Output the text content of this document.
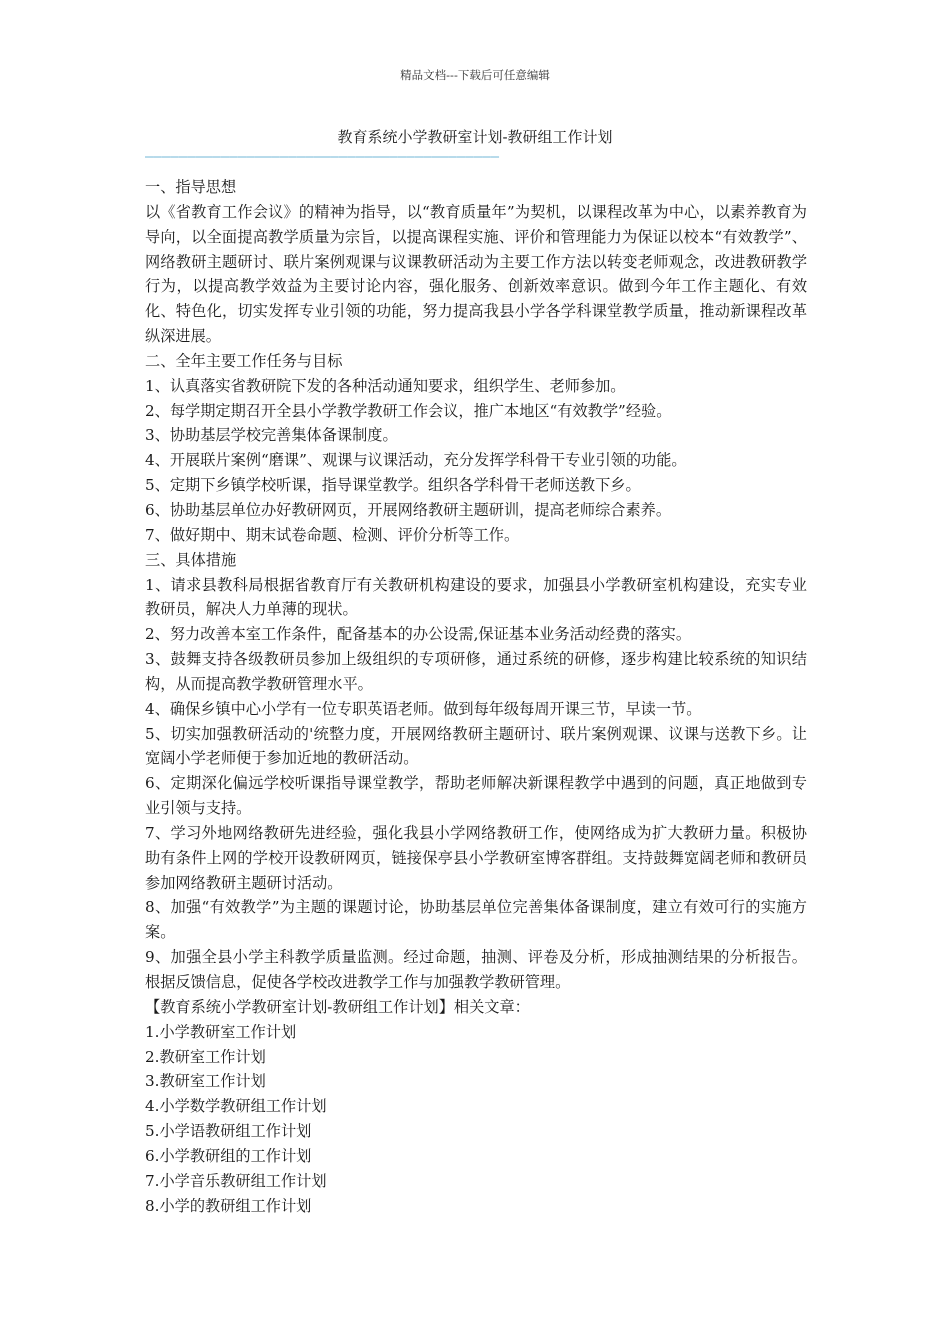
精品文档---下载后可任意编辑
教育系统小学教研室计划-教研组工作计划
——————————————————————————————————————————

一、指导思想

以《省教育工作会议》的精神为指导，以“教育质量年”为契机，以课程改革为中心，以素养教育为导向，以全面提高教学质量为宗旨，以提高课程实施、评价和管理能力为保证以校本“有效教学”、网络教研主题研讨、联片案例观课与议课教研活动为主要工作方法以转变老师观念，改进教研教学行为，以提高教学效益为主要讨论内容，强化服务、创新效率意识。做到今年工作主题化、有效化、特色化，切实发挥专业引领的功能，努力提高我县小学各学科课堂教学质量，推动新课程改革纵深进展。

二、全年主要工作任务与目标

1、认真落实省教研院下发的各种活动通知要求，组织学生、老师参加。

2、每学期定期召开全县小学教学教研工作会议，推广本地区“有效教学”经验。

3、协助基层学校完善集体备课制度。

4、开展联片案例“磨课”、观课与议课活动，充分发挥学科骨干专业引领的功能。

5、定期下乡镇学校听课，指导课堂教学。组织各学科骨干老师送教下乡。

6、协助基层单位办好教研网页，开展网络教研主题研训，提高老师综合素养。

7、做好期中、期末试卷命题、检测、评价分析等工作。

三、具体措施

1、请求县教科局根据省教育厅有关教研机构建设的要求，加强县小学教研室机构建设，充实专业教研员，解决人力单薄的现状。

2、努力改善本室工作条件，配备基本的办公设需,保证基本业务活动经费的落实。

3、鼓舞支持各级教研员参加上级组织的专项研修，通过系统的研修，逐步构建比较系统的知识结构，从而提高教学教研管理水平。

4、确保乡镇中心小学有一位专职英语老师。做到每年级每周开课三节，早读一节。

5、切实加强教研活动的'统整力度，开展网络教研主题研讨、联片案例观课、议课与送教下乡。让宽阔小学老师便于参加近地的教研活动。

6、定期深化偏远学校听课指导课堂教学，帮助老师解决新课程教学中遇到的问题，真正地做到专业引领与支持。

7、学习外地网络教研先进经验，强化我县小学网络教研工作，使网络成为扩大教研力量。积极协助有条件上网的学校开设教研网页，链接保亭县小学教研室博客群组。支持鼓舞宽阔老师和教研员参加网络教研主题研讨活动。

8、加强“有效教学”为主题的课题讨论，协助基层单位完善集体备课制度，建立有效可行的实施方案。

9、加强全县小学主科教学质量监测。经过命题，抽测、评卷及分析，形成抽测结果的分析报告。根据反馈信息，促使各学校改进教学工作与加强教学教研管理。

【教育系统小学教研室计划-教研组工作计划】相关文章：

1.小学教研室工作计划
2.教研室工作计划
3.教研室工作计划
4.小学数学教研组工作计划
5.小学语教研组工作计划
6.小学教研组的工作计划
7.小学音乐教研组工作计划
8.小学的教研组工作计划
